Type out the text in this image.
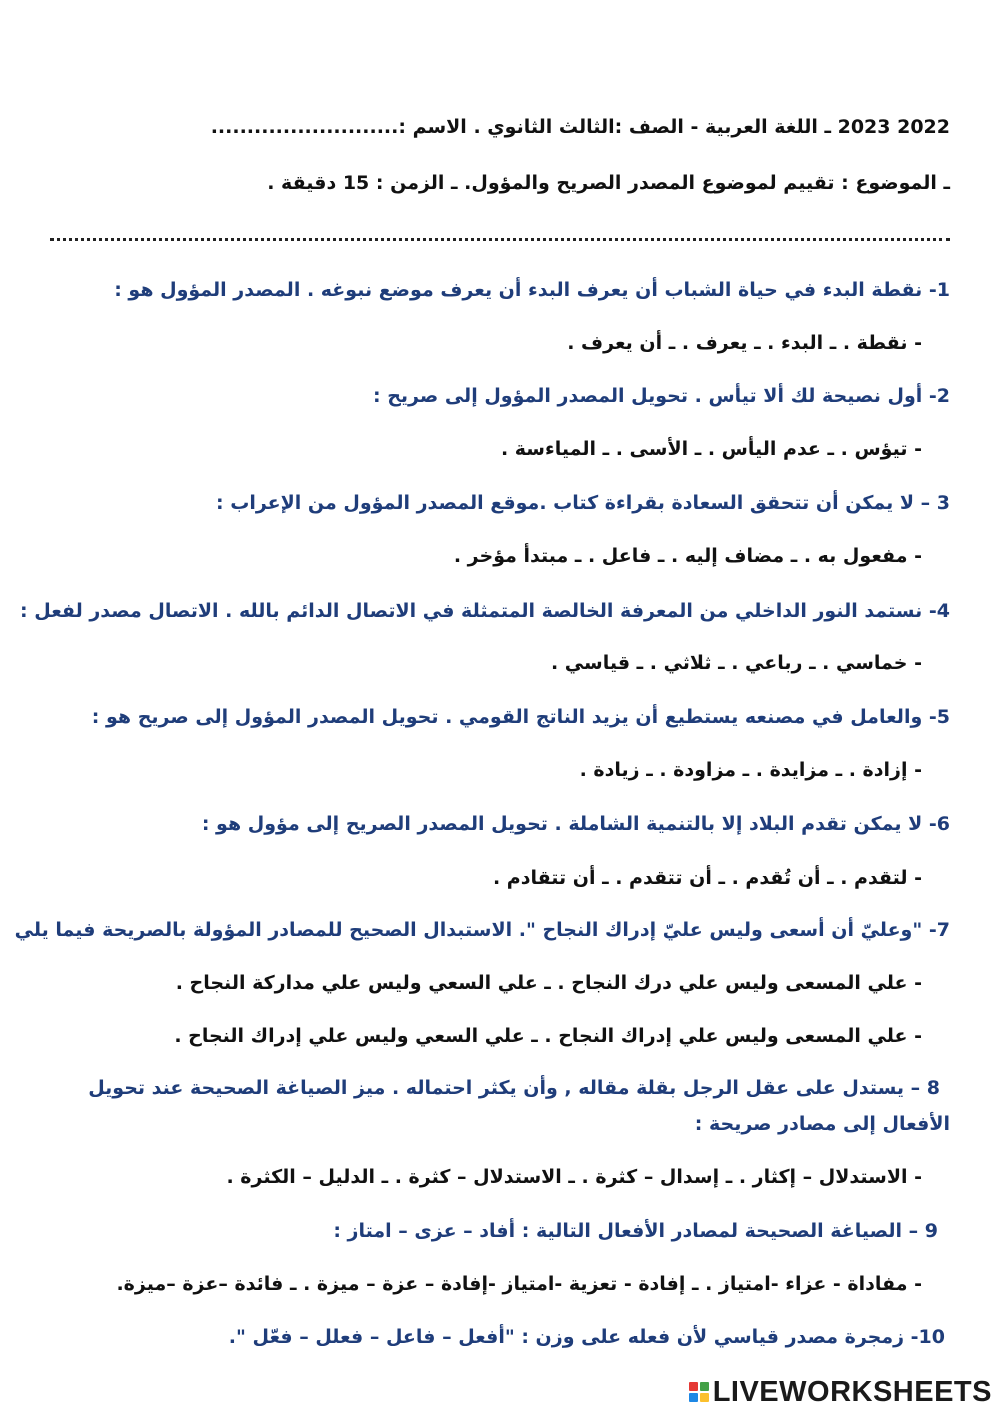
2022 2023 ـ اللغة العربية - الصف :الثالث الثانوي . الاسم :..........................
ـ الموضوع : تقييم لموضوع المصدر الصريح والمؤول. ـ الزمن : 15 دقيقة .
1- نقطة البدء في حياة الشباب أن يعرف البدء أن يعرف موضع نبوغه . المصدر المؤول هو :
- نقطة . ـ البدء . ـ يعرف . ـ أن يعرف .
2- أول نصيحة لك ألا تيأس . تحويل المصدر المؤول إلى صريح :
- تيؤس . ـ عدم اليأس . ـ الأسى . ـ المياءسة .
3 – لا يمكن أن تتحقق السعادة بقراءة كتاب .موقع المصدر المؤول من الإعراب :
- مفعول به . ـ مضاف إليه . ـ فاعل . ـ مبتدأ مؤخر .
4- نستمد النور الداخلي من المعرفة الخالصة المتمثلة في الاتصال الدائم بالله . الاتصال مصدر لفعل :
- خماسي . ـ رباعي . ـ ثلاثي . ـ قياسي .
5- والعامل في مصنعه يستطيع أن يزيد الناتج القومي . تحويل المصدر المؤول إلى صريح هو :
- إزادة . ـ مزايدة . ـ مزاودة . ـ زيادة .
6- لا يمكن تقدم البلاد إلا بالتنمية الشاملة . تحويل المصدر الصريح إلى مؤول هو :
- لتقدم . ـ أن تُقدم . ـ أن تتقدم . ـ أن تتقادم .
7- "وعليّ أن أسعى وليس عليّ إدراك النجاح ". الاستبدال الصحيح للمصادر المؤولة بالصريحة فيما يلي
- علي المسعى وليس علي درك النجاح . ـ علي السعي وليس علي مداركة النجاح .
- علي المسعى وليس علي إدراك النجاح . ـ علي السعي وليس علي إدراك النجاح .
8 – يستدل على عقل الرجل بقلة مقاله , وأن يكثر احتماله . ميز الصياغة الصحيحة عند تحويل
الأفعال إلى مصادر صريحة :
- الاستدلال – إكثار . ـ إسدال – كثرة . ـ الاستدلال – كثرة . ـ الدليل – الكثرة .
9 – الصياغة الصحيحة لمصادر الأفعال التالية : أفاد – عزى – امتاز :
- مفاداة - عزاء -امتياز . ـ إفادة - تعزية -امتياز -إفادة – عزة – ميزة . ـ فائدة –عزة –ميزة.
10- زمجرة مصدر قياسي لأن فعله على وزن : "أفعل – فاعل – فعلل – فعّل ".
LIVEWORKSHEETS
